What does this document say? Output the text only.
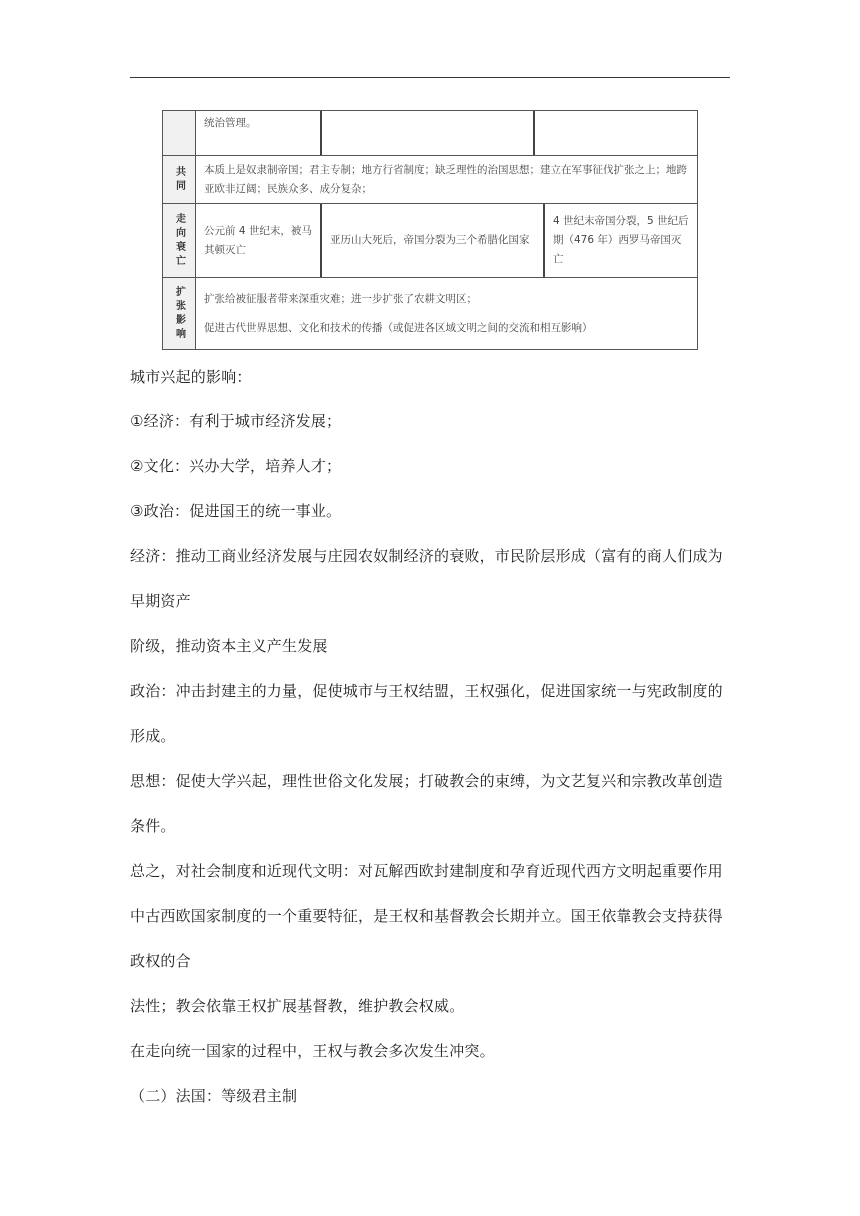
统治管理。
共同	本质上是奴隶制帝国；君主专制；地方行省制度；缺乏理性的治国思想；建立在军事征伐扩张之上；地跨亚欧非辽阔；民族众多、成分复杂；
走向衰亡	公元前 4 世纪末，被马其顿灭亡
亚历山大死后，帝国分裂为三个希腊化国家
4 世纪末帝国分裂，5 世纪后期（476 年）西罗马帝国灭亡
扩张影响 扩张给被征服者带来深重灾难；进一步扩张了农耕文明区；
促进古代世界思想、文化和技术的传播（或促进各区域文明之间的交流和相互影响）
城市兴起的影响：
①经济：有利于城市经济发展；
②文化：兴办大学，培养人才；
③政治：促进国王的统一事业。
经济：推动工商业经济发展与庄园农奴制经济的衰败，市民阶层形成（富有的商人们成为
早期资产
阶级，推动资本主义产生发展
政治：冲击封建主的力量，促使城市与王权结盟，王权强化，促进国家统一与宪政制度的
形成。
思想：促使大学兴起，理性世俗文化发展；打破教会的束缚，为文艺复兴和宗教改革创造
条件。
总之，对社会制度和近现代文明：对瓦解西欧封建制度和孕育近现代西方文明起重要作用
中古西欧国家制度的一个重要特征，是王权和基督教会长期并立。国王依靠教会支持获得
政权的合
法性；教会依靠王权扩展基督教，维护教会权威。
在走向统一国家的过程中，王权与教会多次发生冲突。
（二）法国：等级君主制
